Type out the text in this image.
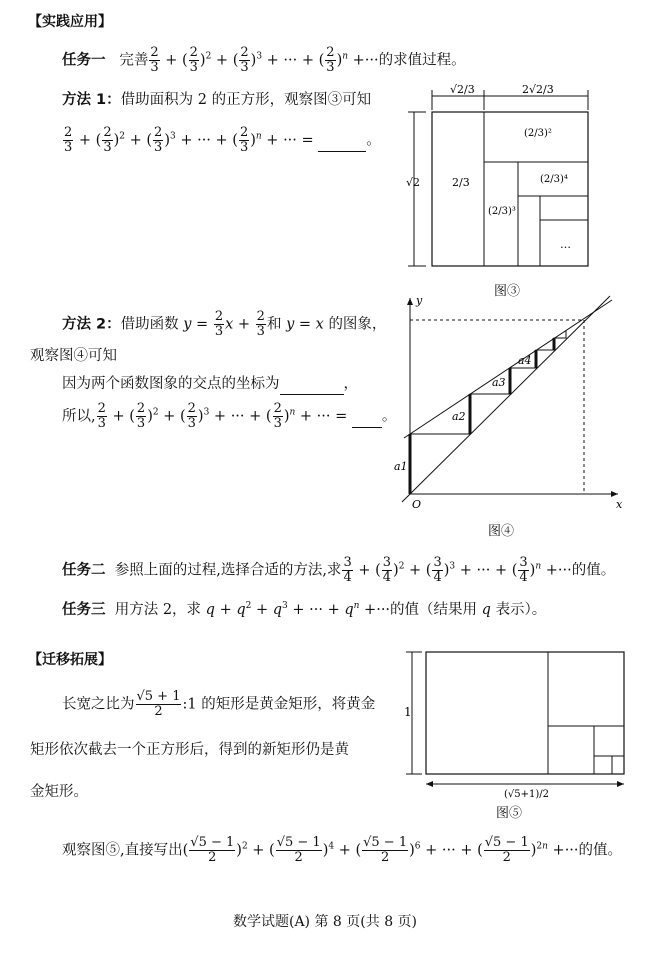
【实践应用】
任务一 完善 $\frac{2}{3}$ + ( $\frac{2}{3} )^2$ + ( $\frac{2}{3} )^3$ + ··· + ( $\frac{2}{3} )^n$ +···的求值过程。
方法 1：借助面积为 2 的正方形，观察图③可知
$\frac{2}{3}$ + ( $\frac{2}{3} )^2$ + ( $\frac{2}{3} )^3$ + ··· + ( $\frac{2}{3} )^n$ + ··· =	。
√2/3	2√2/3
√2	2/3
(2/3)²
(2/3)⁴
(2/3)³
…
图③
方法 2：借助函数 $y = \frac{2}{3}$ $x + \frac{2}{3}$ 和 y = x 的图象，
观察图④可知
因为两个函数图象的交点的坐标为	，
所以, $\frac{2}{3}$ + ( $\frac{2}{3} )^2$ + ( $\frac{2}{3} )^3$ + ··· + ( $\frac{2}{3} )^n$ + ··· =  。
x
y
O
a1
a2
a3
a4
图④
任务二 参照上面的过程,选择合适的方法,求 $\frac{3}{4}$ + ( $\frac{3}{4} )^2$ + ( $\frac{3}{4} )^3$ + ··· + ( $\frac{3}{4} )^n$ +···的值。
任务三 用方法 2，求 $q + q^2 + q^3$ + ··· + $q^n$ +···的值（结果用 q 表示）。
【迁移拓展】
长宽之比为 $\frac{√5 + 1}{2}$ :1 的矩形是黄金矩形，将黄金
矩形依次截去一个正方形后，得到的新矩形仍是黄
金矩形。
1
(√5+1)/2
图⑤
观察图⑤,直接写出( $\frac{√5 - 1}{2} )^2$ + ( $\frac{√5 - 1}{2} )^4$ + ( $\frac{√5 - 1}{2} )^6$ + ··· + ( $\frac{√5 - 1}{2} )^{2n}$ +···的值。
数学试题(A) 第 8 页(共 8 页)
